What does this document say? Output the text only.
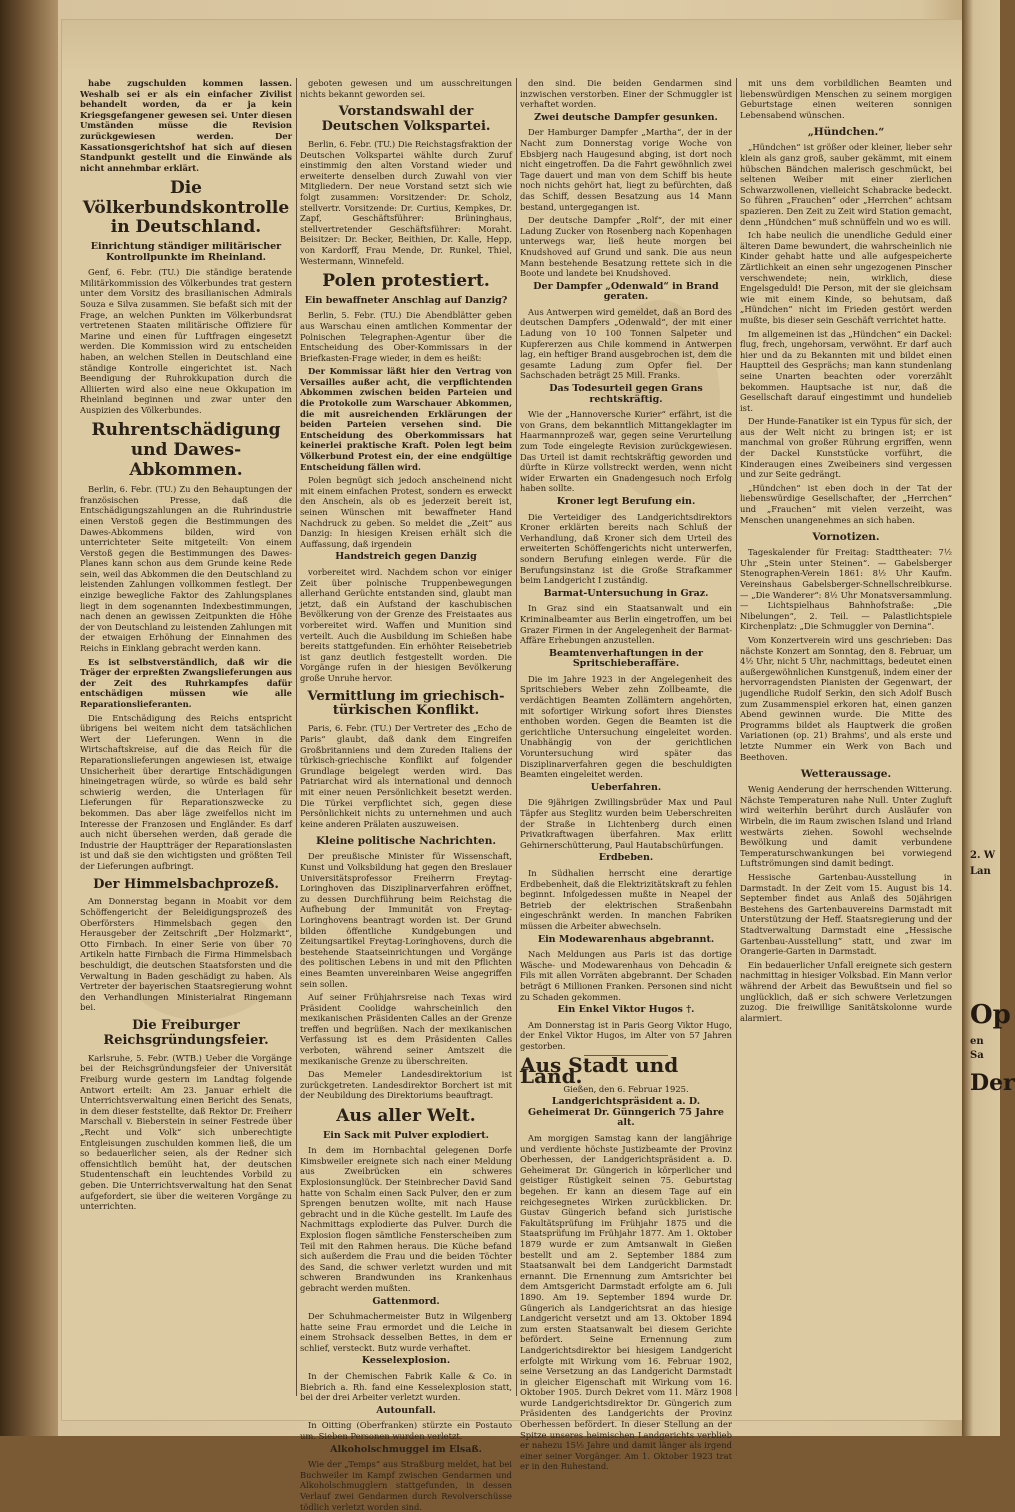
habe zugschulden kommen lassen. Weshalb sei er als ein einfacher Zivilist behandelt worden, da er ja kein Kriegsgefangener gewesen sei. Unter diesen Umständen müsse die Revision zurückgewiesen werden. Der Kassationsgerichtshof hat sich auf diesen Standpunkt gestellt und die Einwände als nicht annehmbar erklärt.

Die Völkerbundskontrolle in Deutschland.
Einrichtung ständiger militärischer Kontrollpunkte im Rheinland.

Genf, 6. Febr. (TU.) Die ständige beratende Militärkommission des Völkerbundes trat gestern unter dem Vorsitz des brasilianischen Admirals Souza e Silva zusammen. Sie befaßt sich mit der Frage, an welchen Punkten im Völkerbundsrat vertretenen Staaten militärische Offiziere für Marine und einen für Luftfragen eingesetzt werden. Die Kommission wird zu entscheiden haben, an welchen Stellen in Deutschland eine ständige Kontrolle eingerichtet ist. Nach Beendigung der Ruhrokkupation durch die Alliierten wird also eine neue Okkupation im Rheinland beginnen und zwar unter den Auspizien des Völkerbundes.

Ruhrentschädigung und Dawes-Abkommen.

Berlin, 6. Febr. (TU.) Zu den Behauptungen der französischen Presse, daß die Entschädigungszahlungen an die Ruhrindustrie einen Verstoß gegen die Bestimmungen des Dawes-Abkommens bilden, wird von unterrichteter Seite mitgeteilt: Von einem Verstoß gegen die Bestimmungen des Dawes-Planes kann schon aus dem Grunde keine Rede sein, weil das Abkommen die den Deutschland zu leistenden Zahlungen vollkommen festlegt. Der einzige bewegliche Faktor des Zahlungsplanes liegt in dem sogenannten Indexbestimmungen, nach denen an gewissen Zeitpunkten die Höhe der von Deutschland zu leistenden Zahlungen mit der etwaigen Erhöhung der Einnahmen des Reichs in Einklang gebracht werden kann.

Es ist selbstverständlich, daß wir die Träger der erpreßten Zwangslieferungen aus der Zeit des Ruhrkampfes dafür entschädigen müssen wie alle Reparationslieferanten.

Die Entschädigung des Reichs entspricht übrigens bei weitem nicht dem tatsächlichen Wert der Lieferungen. Wenn in die Wirtschaftskreise, auf die das Reich für die Reparationslieferungen angewiesen ist, etwaige Unsicherheit über derartige Entschädigungen hineingetragen würde, so würde es bald sehr schwierig werden, die Unterlagen für Lieferungen für Reparationszwecke zu bekommen. Das aber läge zweifellos nicht im Interesse der Franzosen und Engländer. Es darf auch nicht übersehen werden, daß gerade die Industrie der Hauptträger der Reparationslasten ist und daß sie den wichtigsten und größten Teil der Lieferungen aufbringt.

Der Himmelsbachprozeß.

Am Donnerstag begann in Moabit vor dem Schöffengericht der Beleidigungsprozeß des Oberförsters Himmelsbach gegen den Herausgeber der Zeitschrift „Der Holzmarkt“, Otto Firnbach. In einer Serie von über 70 Artikeln hatte Firnbach die Firma Himmelsbach beschuldigt, die deutschen Staatsforsten und die Verwaltung in Baden geschädigt zu haben. Als Vertreter der bayerischen Staatsregierung wohnt den Verhandlungen Ministerialrat Ringemann bei.

Die Freiburger Reichsgründungsfeier.

Karlsruhe, 5. Febr. (WTB.) Ueber die Vorgänge bei der Reichsgründungsfeier der Universität Freiburg wurde gestern im Landtag folgende Antwort erteilt: Am 23. Januar erhielt die Unterrichtsverwaltung einen Bericht des Senats, in dem dieser feststellte, daß Rektor Dr. Freiherr Marschall v. Bieberstein in seiner Festrede über „Recht und Volk“ sich unberechtigte Entgleisungen zuschulden kommen ließ, die um so bedauerlicher seien, als der Redner sich offensichtlich bemüht hat, der deutschen Studentenschaft ein leuchtendes Vorbild zu geben. Die Unterrichtsverwaltung hat den Senat aufgefordert, sie über die weiteren Vorgänge zu unterrichten.

geboten gewesen und um ausschreitungen nichts bekannt geworden sei.

Vorstandswahl der Deutschen Volkspartei.

Berlin, 6. Febr. (TU.) Die Reichstagsfraktion der Deutschen Volkspartei wählte durch Zuruf einstimmig den alten Vorstand wieder und erweiterte denselben durch Zuwahl von vier Mitgliedern. Der neue Vorstand setzt sich wie folgt zusammen: Vorsitzender: Dr. Scholz, stellvertr. Vorsitzende: Dr. Curtius, Kempkes, Dr. Zapf, Geschäftsführer: Brüninghaus, stellvertretender Geschäftsführer: Moraht. Beisitzer: Dr. Becker, Beithien, Dr. Kalle, Hepp, von Kardorff, Frau Mende, Dr. Runkel, Thiel, Westermann, Winnefeld.

Polen protestiert.
Ein bewaffneter Anschlag auf Danzig?

Berlin, 5. Febr. (TU.) Die Abendblätter geben aus Warschau einen amtlichen Kommentar der Polnischen Telegraphen-Agentur über die Entscheidung des Ober-Kommissars in der Briefkasten-Frage wieder, in dem es heißt:

Der Kommissar läßt hier den Vertrag von Versailles außer acht, die verpflichtenden Abkommen zwischen beiden Parteien und die Protokolle zum Warschauer Abkommen, die mit ausreichenden Erklärungen der beiden Parteien versehen sind. Die Entscheidung des Oberkommissars hat keinerlei praktische Kraft. Polen legt beim Völkerbund Protest ein, der eine endgültige Entscheidung fällen wird.

Polen begnügt sich jedoch anscheinend nicht mit einem einfachen Protest, sondern es erweckt den Anschein, als ob es jederzeit bereit ist, seinen Wünschen mit bewaffneter Hand Nachdruck zu geben. So meldet die „Zeit“ aus Danzig: In hiesigen Kreisen erhält sich die Auffassung, daß irgendein

Handstreich gegen Danzig

vorbereitet wird. Nachdem schon vor einiger Zeit über polnische Truppenbewegungen allerhand Gerüchte entstanden sind, glaubt man jetzt, daß ein Aufstand der kaschubischen Bevölkerung von der Grenze des Freistaates aus vorbereitet wird. Waffen und Munition sind verteilt. Auch die Ausbildung im Schießen habe bereits stattgefunden. Ein erhöhter Reisebetrieb ist ganz deutlich festgestellt worden. Die Vorgänge rufen in der hiesigen Bevölkerung große Unruhe hervor.

Vermittlung im griechisch-türkischen Konflikt.

Paris, 6. Febr. (TU.) Der Vertreter des „Echo de Paris“ glaubt, daß dank dem Eingreifen Großbritanniens und dem Zureden Italiens der türkisch-griechische Konflikt auf folgender Grundlage beigelegt werden wird. Das Patriarchat wird als international und dennoch mit einer neuen Persönlichkeit besetzt werden. Die Türkei verpflichtet sich, gegen diese Persönlichkeit nichts zu unternehmen und auch keine anderen Prälaten auszuweisen.

Kleine politische Nachrichten.

Der preußische Minister für Wissenschaft, Kunst und Volksbildung hat gegen den Breslauer Universitätsprofessor Freiherrn Freytag-Loringhoven das Disziplinarverfahren eröffnet, zu dessen Durchführung beim Reichstag die Aufhebung der Immunität von Freytag-Loringhovens beantragt worden ist. Der Grund bilden öffentliche Kundgebungen und Zeitungsartikel Freytag-Loringhovens, durch die bestehende Staatseinrichtungen und Vorgänge des politischen Lebens in und mit den Pflichten eines Beamten unvereinbaren Weise angegriffen sein sollen.

Auf seiner Frühjahrsreise nach Texas wird Präsident Coolidge wahrscheinlich den mexikanischen Präsidenten Calles an der Grenze treffen und begrüßen. Nach der mexikanischen Verfassung ist es dem Präsidenten Calles verboten, während seiner Amtszeit die mexikanische Grenze zu überschreiten.

Das Memeler Landesdirektorium ist zurückgetreten. Landesdirektor Borchert ist mit der Neubildung des Direktoriums beauftragt.

Aus aller Welt.
Ein Sack mit Pulver explodiert.

In dem im Hornbachtal gelegenen Dorfe Kimsbweiler ereignete sich nach einer Meldung aus Zweibrücken ein schweres Explosionsunglück. Der Steinbrecher David Sand hatte von Schalm einen Sack Pulver, den er zum Sprengen benutzen wollte, mit nach Hause gebracht und in die Küche gestellt. Im Laufe des Nachmittags explodierte das Pulver. Durch die Explosion flogen sämtliche Fensterscheiben zum Teil mit den Rahmen heraus. Die Küche befand sich außerdem die Frau und die beiden Töchter des Sand, die schwer verletzt wurden und mit schweren Brandwunden ins Krankenhaus gebracht werden mußten.

Gattenmord.

Der Schuhmachermeister Butz in Wilgenberg hatte seine Frau ermordet und die Leiche in einem Strohsack desselben Bettes, in dem er schlief, versteckt. Butz wurde verhaftet.

Kesselexplosion.

In der Chemischen Fabrik Kalle & Co. in Biebrich a. Rh. fand eine Kesselexplosion statt, bei der drei Arbeiter verletzt wurden.

Autounfall.

In Oitting (Oberfranken) stürzte ein Postauto um. Sieben Personen wurden verletzt.

Alkoholschmuggel im Elsaß.

Wie der „Temps“ aus Straßburg meldet, hat bei Buchweiler im Kampf zwischen Gendarmen und Alkoholschmugglern stattgefunden, in dessen Verlauf zwei Gendarmen durch Revolverschüsse tödlich verletzt worden sind.

den sind. Die beiden Gendarmen sind inzwischen verstorben. Einer der Schmuggler ist verhaftet worden.

Zwei deutsche Dampfer gesunken.

Der Hamburger Dampfer „Martha“, der in der Nacht zum Donnerstag vorige Woche von Ebsbjerg nach Haugesund abging, ist dort noch nicht eingetroffen. Da die Fahrt gewöhnlich zwei Tage dauert und man von dem Schiff bis heute noch nichts gehört hat, liegt zu befürchten, daß das Schiff, dessen Besatzung aus 14 Mann bestand, untergegangen ist.

Der deutsche Dampfer „Rolf“, der mit einer Ladung Zucker von Rosenberg nach Kopenhagen unterwegs war, ließ heute morgen bei Knudshoved auf Grund und sank. Die aus neun Mann bestehende Besatzung rettete sich in die Boote und landete bei Knudshoved.

Der Dampfer „Odenwald“ in Brand geraten.

Aus Antwerpen wird gemeldet, daß an Bord des deutschen Dampfers „Odenwald“, der mit einer Ladung von 10 100 Tonnen Salpeter und Kupfererzen aus Chile kommend in Antwerpen lag, ein heftiger Brand ausgebrochen ist, dem die gesamte Ladung zum Opfer fiel. Der Sachschaden beträgt 25 Mill. Franks.

Das Todesurteil gegen Grans rechtskräftig.

Wie der „Hannoversche Kurier“ erfährt, ist die von Grans, dem bekanntlich Mittangeklagter im Haarmannprozeß war, gegen seine Verurteilung zum Tode eingelegte Revision zurückgewiesen. Das Urteil ist damit rechtskräftig geworden und dürfte in Kürze vollstreckt werden, wenn nicht wider Erwarten ein Gnadengesuch noch Erfolg haben sollte.

Kroner legt Berufung ein.

Die Verteidiger des Landgerichtsdirektors Kroner erklärten bereits nach Schluß der Verhandlung, daß Kroner sich dem Urteil des erweiterten Schöffengerichts nicht unterwerfen, sondern Berufung einlegen werde. Für die Berufungsinstanz ist die Große Strafkammer beim Landgericht I zuständig.

Barmat-Untersuchung in Graz.

In Graz sind ein Staatsanwalt und ein Kriminalbeamter aus Berlin eingetroffen, um bei Grazer Firmen in der Angelegenheit der Barmat-Affäre Erhebungen anzustellen.

Beamtenverhaftungen in der Spritschieberaffäre.

Die im Jahre 1923 in der Angelegenheit des Spritschiebers Weber zehn Zollbeamte, die verdächtigen Beamten Zollämtern angehörten, mit sofortiger Wirkung sofort ihres Dienstes enthoben worden. Gegen die Beamten ist die gerichtliche Untersuchung eingeleitet worden. Unabhängig von der gerichtlichen Voruntersuchung wird später das Disziplinarverfahren gegen die beschuldigten Beamten eingeleitet werden.

Ueberfahren.

Die 9jährigen Zwillingsbrüder Max und Paul Täpfer aus Steglitz wurden beim Ueberschreiten der Straße in Lichtenberg durch einen Privatkraftwagen überfahren. Max erlitt Gehirnerschütterung, Paul Hautabschürfungen.

Erdbeben.

In Südhalien herrscht eine derartige Erdbebenheit, daß die Elektrizitätskraft zu fehlen beginnt. Infolgedessen mußte in Neapel der Betrieb der elektrischen Straßenbahn eingeschränkt werden. In manchen Fabriken müssen die Arbeiter abwechseln.

Ein Modewarenhaus abgebrannt.

Nach Meldungen aus Paris ist das dortige Wäsche- und Modewarenhaus von Dehcadin & Fils mit allen Vorräten abgebrannt. Der Schaden beträgt 6 Millionen Franken. Personen sind nicht zu Schaden gekommen.

Ein Enkel Viktor Hugos †.

Am Donnerstag ist in Paris Georg Viktor Hugo, der Enkel Viktor Hugos, im Alter von 57 Jahren gestorben.

Aus Stadt und Land.
Gießen, den 6. Februar 1925.
Landgerichtspräsident a. D. Geheimerat Dr. Günngerich 75 Jahre alt.

Am morgigen Samstag kann der langjährige und verdiente höchste Justizbeamte der Provinz Oberhessen, der Landgerichtspräsident a. D. Geheimerat Dr. Güngerich in körperlicher und geistiger Rüstigkeit seinen 75. Geburtstag begehen. Er kann an diesem Tage auf ein reichgesegnetes Wirken zurückblicken. Dr. Gustav Güngerich befand sich juristische Fakultätsprüfung im Frühjahr 1875 und die Staatsprüfung im Frühjahr 1877. Am 1. Oktober 1879 wurde er zum Amtsanwalt in Gießen bestellt und am 2. September 1884 zum Staatsanwalt bei dem Landgericht Darmstadt ernannt. Die Ernennung zum Amtsrichter bei dem Amtsgericht Darmstadt erfolgte am 6. Juli 1890. Am 19. September 1894 wurde Dr. Güngerich als Landgerichtsrat an das hiesige Landgericht versetzt und am 13. Oktober 1894 zum ersten Staatsanwalt bei diesem Gerichte befördert. Seine Ernennung zum Landgerichtsdirektor bei hiesigem Landgericht erfolgte mit Wirkung vom 16. Februar 1902, seine Versetzung an das Landgericht Darmstadt in gleicher Eigenschaft mit Wirkung vom 16. Oktober 1905. Durch Dekret vom 11. März 1908 wurde Landgerichtsdirektor Dr. Güngerich zum Präsidenten des Landgerichts der Provinz Oberhessen befördert. In dieser Stellung an der Spitze unseres heimischen Landgerichts verblieb er nahezu 15½ Jahre und damit länger als irgend einer seiner Vorgänger. Am 1. Oktober 1923 trat er in den Ruhestand.

mit uns dem vorbildlichen Beamten und liebenswürdigen Menschen zu seinem morgigen Geburtstage einen weiteren sonnigen Lebensabend wünschen.

„Hündchen.“

„Hündchen“ ist größer oder kleiner, lieber sehr klein als ganz groß, sauber gekämmt, mit einem hübschen Bändchen malerisch geschmückt, bei seltenen Weiber mit einer zierlichen Schwarzwollenen, vielleicht Schabracke bedeckt. So führen „Frauchen“ oder „Herrchen“ achtsam spazieren. Den Zeit zu Zeit wird Station gemacht, denn „Hündchen“ muß schnüffeln und wo es will.

Ich habe neulich die unendliche Geduld einer älteren Dame bewundert, die wahrscheinlich nie Kinder gehabt hatte und alle aufgespeicherte Zärtlichkeit an einen sehr ungezogenen Pinscher verschwendete; nein, wirklich, diese Engelsgeduld! Die Person, mit der sie gleichsam wie mit einem Kinde, so behutsam, daß „Hündchen“ nicht im Frieden gestört werden mußte, bis dieser sein Geschäft verrichtet hatte.

Im allgemeinen ist das „Hündchen“ ein Dackel: flug, frech, ungehorsam, verwöhnt. Er darf auch hier und da zu Bekannten mit und bildet einen Hauptteil des Gesprächs; man kann stundenlang seine Unarten beachten oder vorerzählt bekommen. Hauptsache ist nur, daß die Gesellschaft darauf eingestimmt und hundelieb ist.

Der Hunde-Fanatiker ist ein Typus für sich, der aus der Welt nicht zu bringen ist; er ist manchmal von großer Rührung ergriffen, wenn der Dackel Kunststücke vorführt, die Kinderaugen eines Zweibeiners sind vergessen und zur Seite gedrängt.

„Hündchen“ ist eben doch in der Tat der liebenswürdige Gesellschafter, der „Herrchen“ und „Frauchen“ mit vielen verzeiht, was Menschen unangenehmes an sich haben.

Vornotizen.

Tageskalender für Freitag: Stadttheater: 7½ Uhr „Stein unter Steinen“. — Gabelsberger Stenographen-Verein 1861: 8½ Uhr Kaufm. Vereinshaus Gabelsberger-Schnellschreibkurse. — „Die Wanderer“: 8½ Uhr Monatsversammlung. — Lichtspielhaus Bahnhofstraße: „Die Nibelungen“, 2. Teil. — Palastlichtspiele Kirchenplatz: „Die Schmuggler von Dernina“.

Vom Konzertverein wird uns geschrieben: Das nächste Konzert am Sonntag, den 8. Februar, um 4½ Uhr, nicht 5 Uhr, nachmittags, bedeutet einen außergewöhnlichen Kunstgenuß, indem einer der hervorragendsten Pianisten der Gegenwart, der jugendliche Rudolf Serkin, den sich Adolf Busch zum Zusammenspiel erkoren hat, einen ganzen Abend gewinnen wurde. Die Mitte des Programms bildet als Hauptwerk die großen Variationen (op. 21) Brahms', und als erste und letzte Nummer ein Werk von Bach und Beethoven.

Wetteraussage.

Wenig Aenderung der herrschenden Witterung. Nächste Temperaturen nahe Null. Unter Zugluft wird weiterhin berührt durch Ausläufer von Wirbeln, die im Raum zwischen Island und Irland westwärts ziehen. Sowohl wechselnde Bewölkung und damit verbundene Temperaturschwankungen bei vorwiegend Luftströmungen sind damit bedingt.

Hessische Gartenbau-Ausstellung in Darmstadt. In der Zeit vom 15. August bis 14. September findet aus Anlaß des 50jährigen Bestehens des Gartenbauvereins Darmstadt mit Unterstützung der Heff. Staatsregierung und der Stadtverwaltung Darmstadt eine „Hessische Gartenbau-Ausstellung“ statt, und zwar im Orangerie-Garten in Darmstadt.

Ein bedauerlicher Unfall ereignete sich gestern nachmittag in hiesiger Volksbad. Ein Mann verlor während der Arbeit das Bewußtsein und fiel so unglücklich, daß er sich schwere Verletzungen zuzog. Die freiwillige Sanitätskolonne wurde alarmiert.

2. W
Lan
Op
en
Sa
Der
